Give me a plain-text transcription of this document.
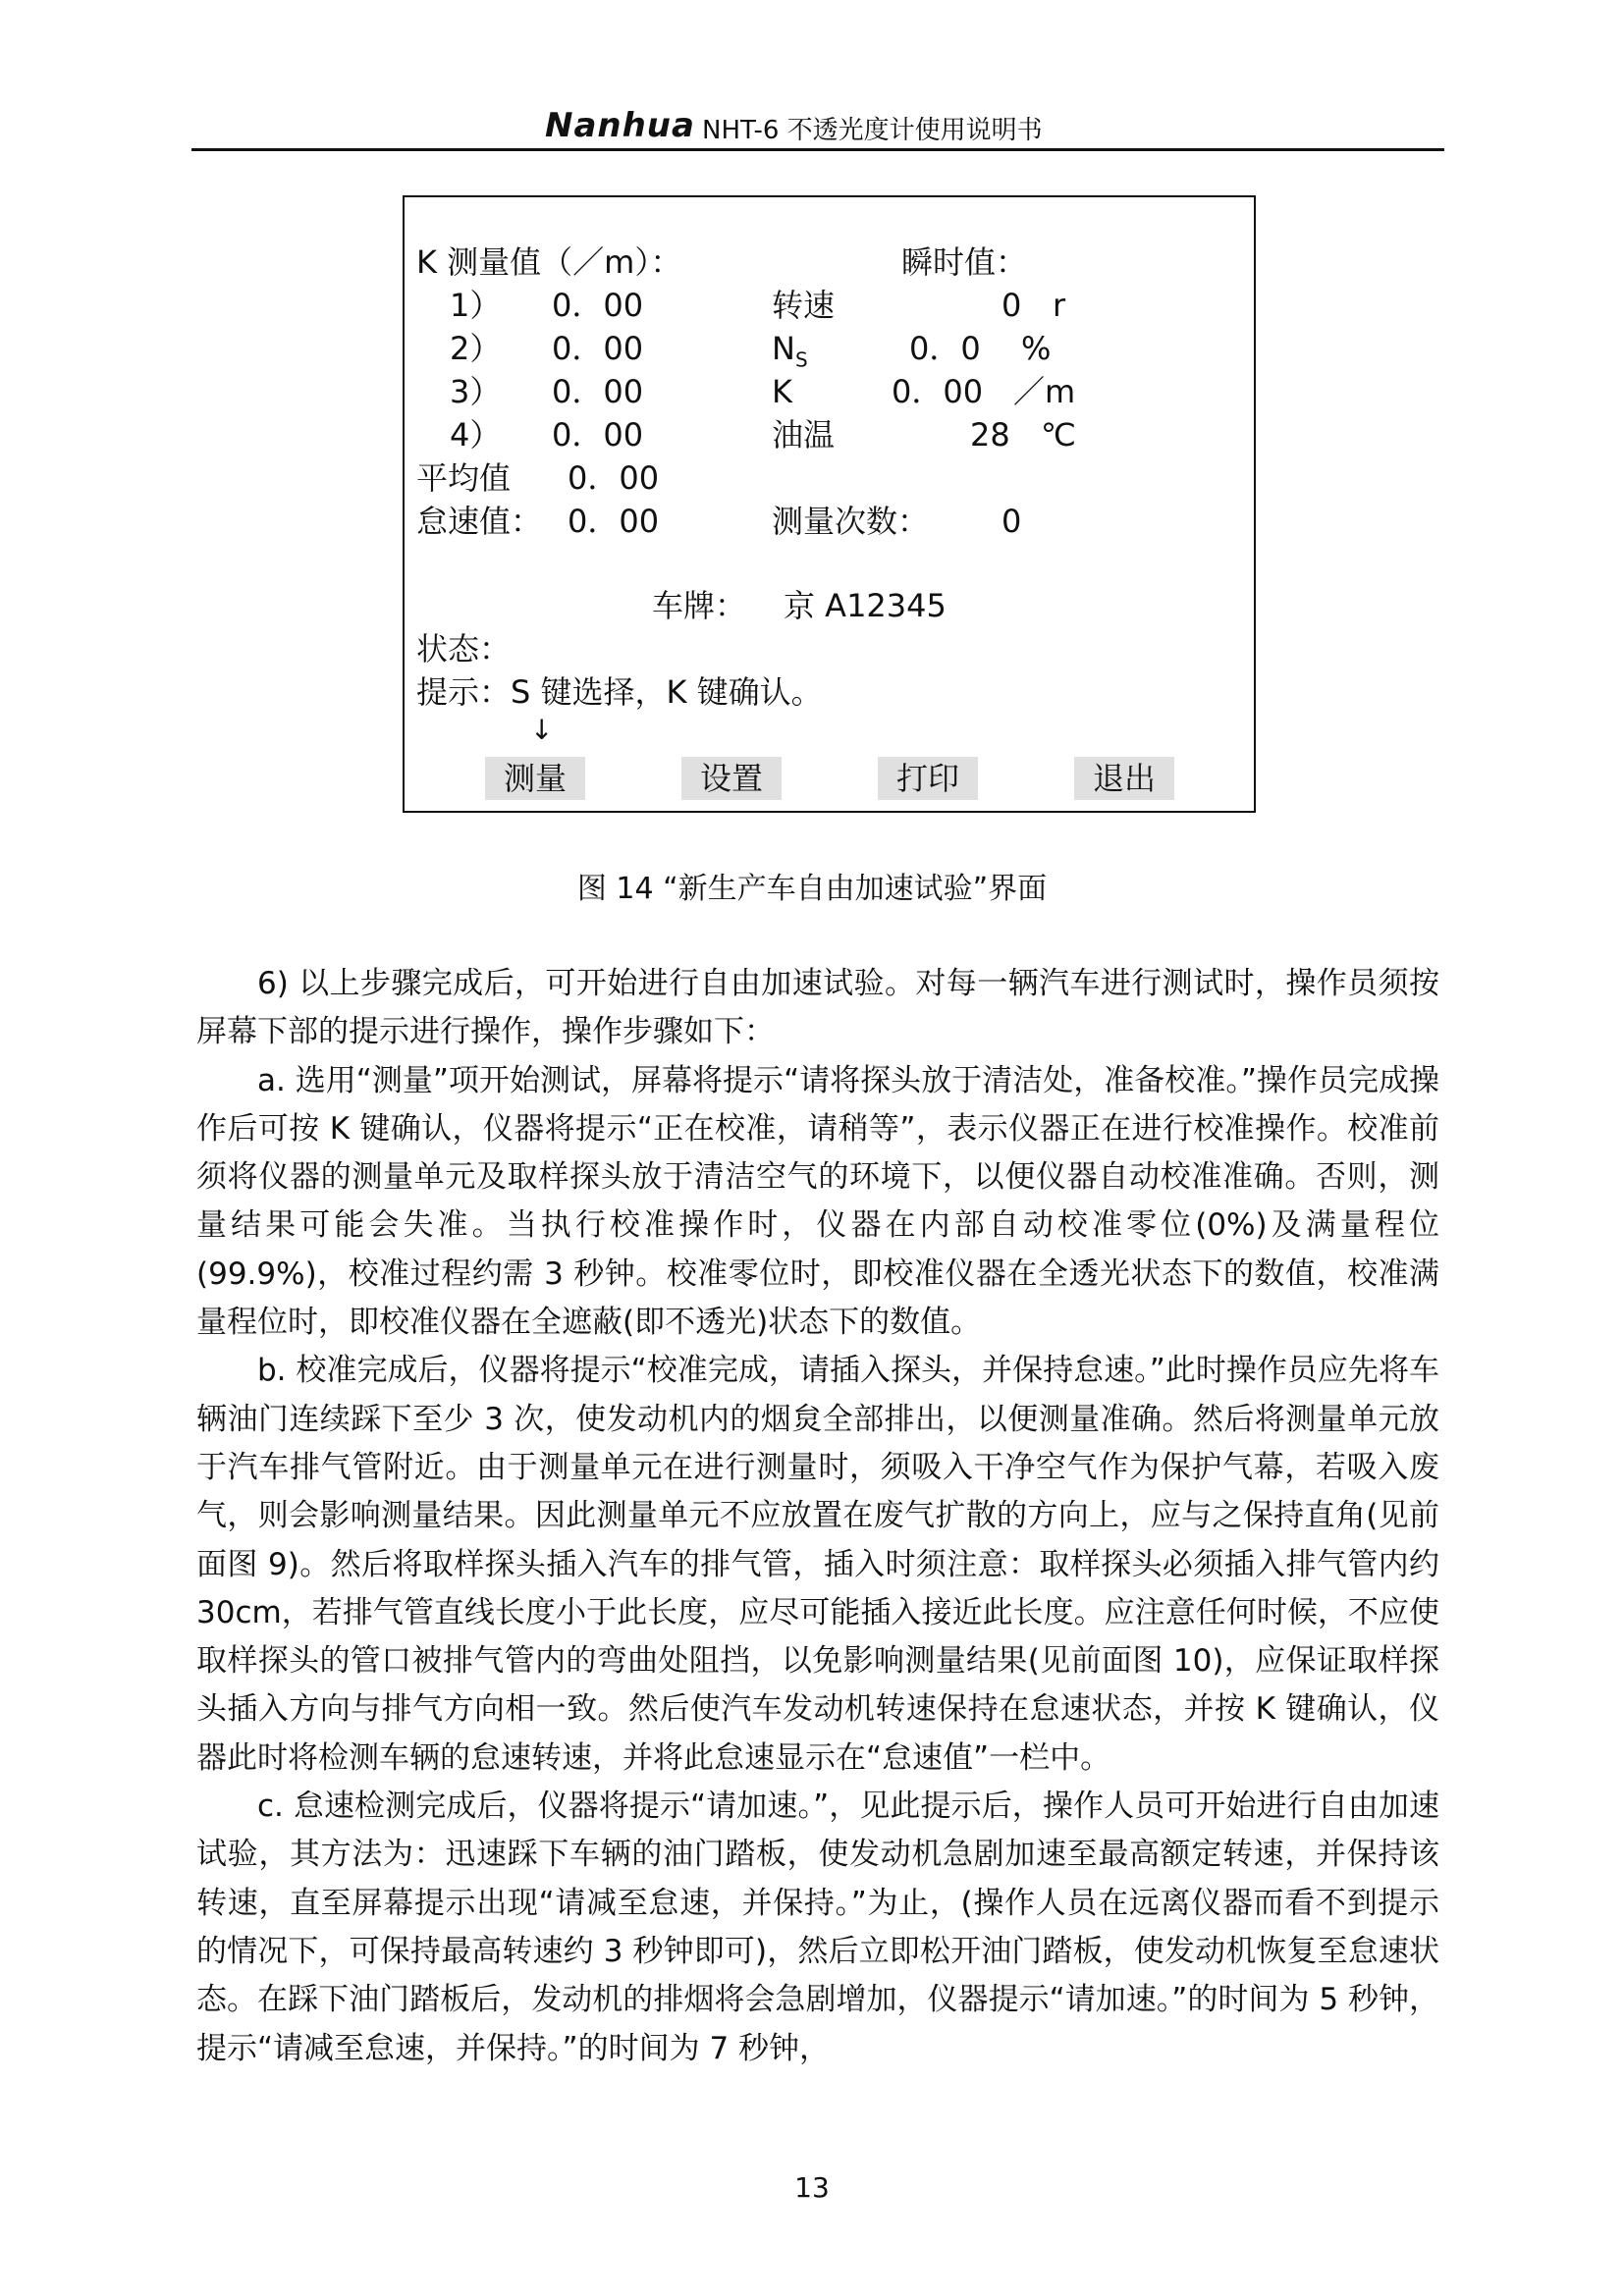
Nanhua NHT-6 不透光度计使用说明书
K 测量值（／m）：	瞬时值：
1） 0．00
2） 0．00
3） 0．00
4） 0．00
转速	0 r
$N_S$	0．0 %
K	0．00 ／m
油温	28 ℃
平均值 0．00
怠速值： 0．00	测量次数： 0
车牌： 京 A12345
状态：
提示：S 键选择，K 键确认。
↓
测量	设置	打印	退出
图 14 “新生产车自由加速试验”界面

6) 以上步骤完成后，可开始进行自由加速试验。对每一辆汽车进行测试时，操作员须按屏幕下部的提示进行操作，操作步骤如下：

a. 选用“测量”项开始测试，屏幕将提示“请将探头放于清洁处，准备校准。”操作员完成操作后可按 K 键确认，仪器将提示“正在校准，请稍等”，表示仪器正在进行校准操作。校准前须将仪器的测量单元及取样探头放于清洁空气的环境下，以便仪器自动校准准确。否则，测量结果可能会失准。当执行校准操作时，仪器在内部自动校准零位(0%)及满量程位(99.9%)，校准过程约需 3 秒钟。校准零位时，即校准仪器在全透光状态下的数值，校准满量程位时，即校准仪器在全遮蔽(即不透光)状态下的数值。

b. 校准完成后，仪器将提示“校准完成，请插入探头，并保持怠速。”此时操作员应先将车辆油门连续踩下至少 3 次，使发动机内的烟炱全部排出，以便测量准确。然后将测量单元放于汽车排气管附近。由于测量单元在进行测量时，须吸入干净空气作为保护气幕，若吸入废气，则会影响测量结果。因此测量单元不应放置在废气扩散的方向上，应与之保持直角(见前面图 9)。然后将取样探头插入汽车的排气管，插入时须注意：取样探头必须插入排气管内约 30cm，若排气管直线长度小于此长度，应尽可能插入接近此长度。应注意任何时候，不应使取样探头的管口被排气管内的弯曲处阻挡，以免影响测量结果(见前面图 10)，应保证取样探头插入方向与排气方向相一致。然后使汽车发动机转速保持在怠速状态，并按 K 键确认，仪器此时将检测车辆的怠速转速，并将此怠速显示在“怠速值”一栏中。

c. 怠速检测完成后，仪器将提示“请加速。”，见此提示后，操作人员可开始进行自由加速试验，其方法为：迅速踩下车辆的油门踏板，使发动机急剧加速至最高额定转速，并保持该转速，直至屏幕提示出现“请减至怠速，并保持。”为止，(操作人员在远离仪器而看不到提示的情况下，可保持最高转速约 3 秒钟即可)，然后立即松开油门踏板，使发动机恢复至怠速状态。在踩下油门踏板后，发动机的排烟将会急剧增加，仪器提示“请加速。”的时间为 5 秒钟，提示“请减至怠速，并保持。”的时间为 7 秒钟，

13
